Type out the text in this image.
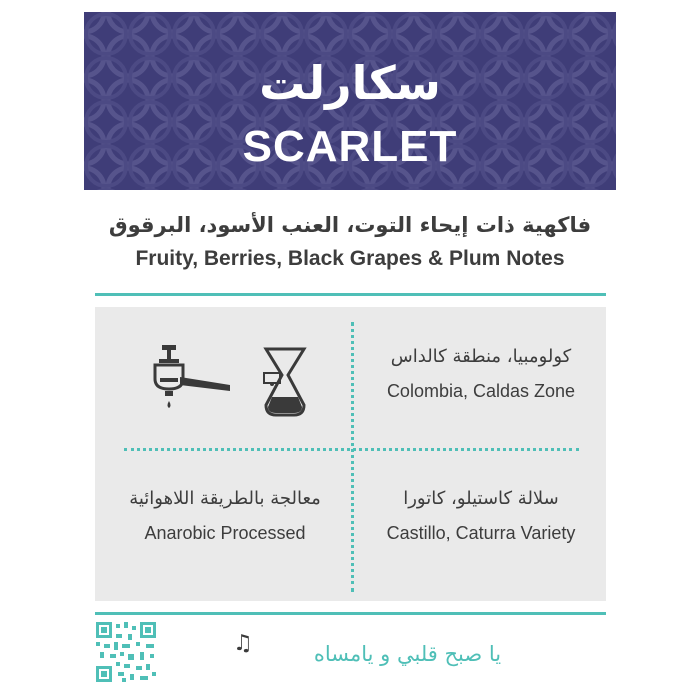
سكارلت
SCARLET
فاكهية ذات إيحاء التوت، العنب الأسود، البرقوق
Fruity, Berries, Black Grapes & Plum Notes
كولومبيا، منطقة كالداس
Colombia, Caldas Zone
سلالة كاستيلو، كاتورا
Castillo, Caturra Variety
معالجة بالطريقة اللاهوائية
Anarobic Processed
♫	يا صبح قلبي و يامساه
